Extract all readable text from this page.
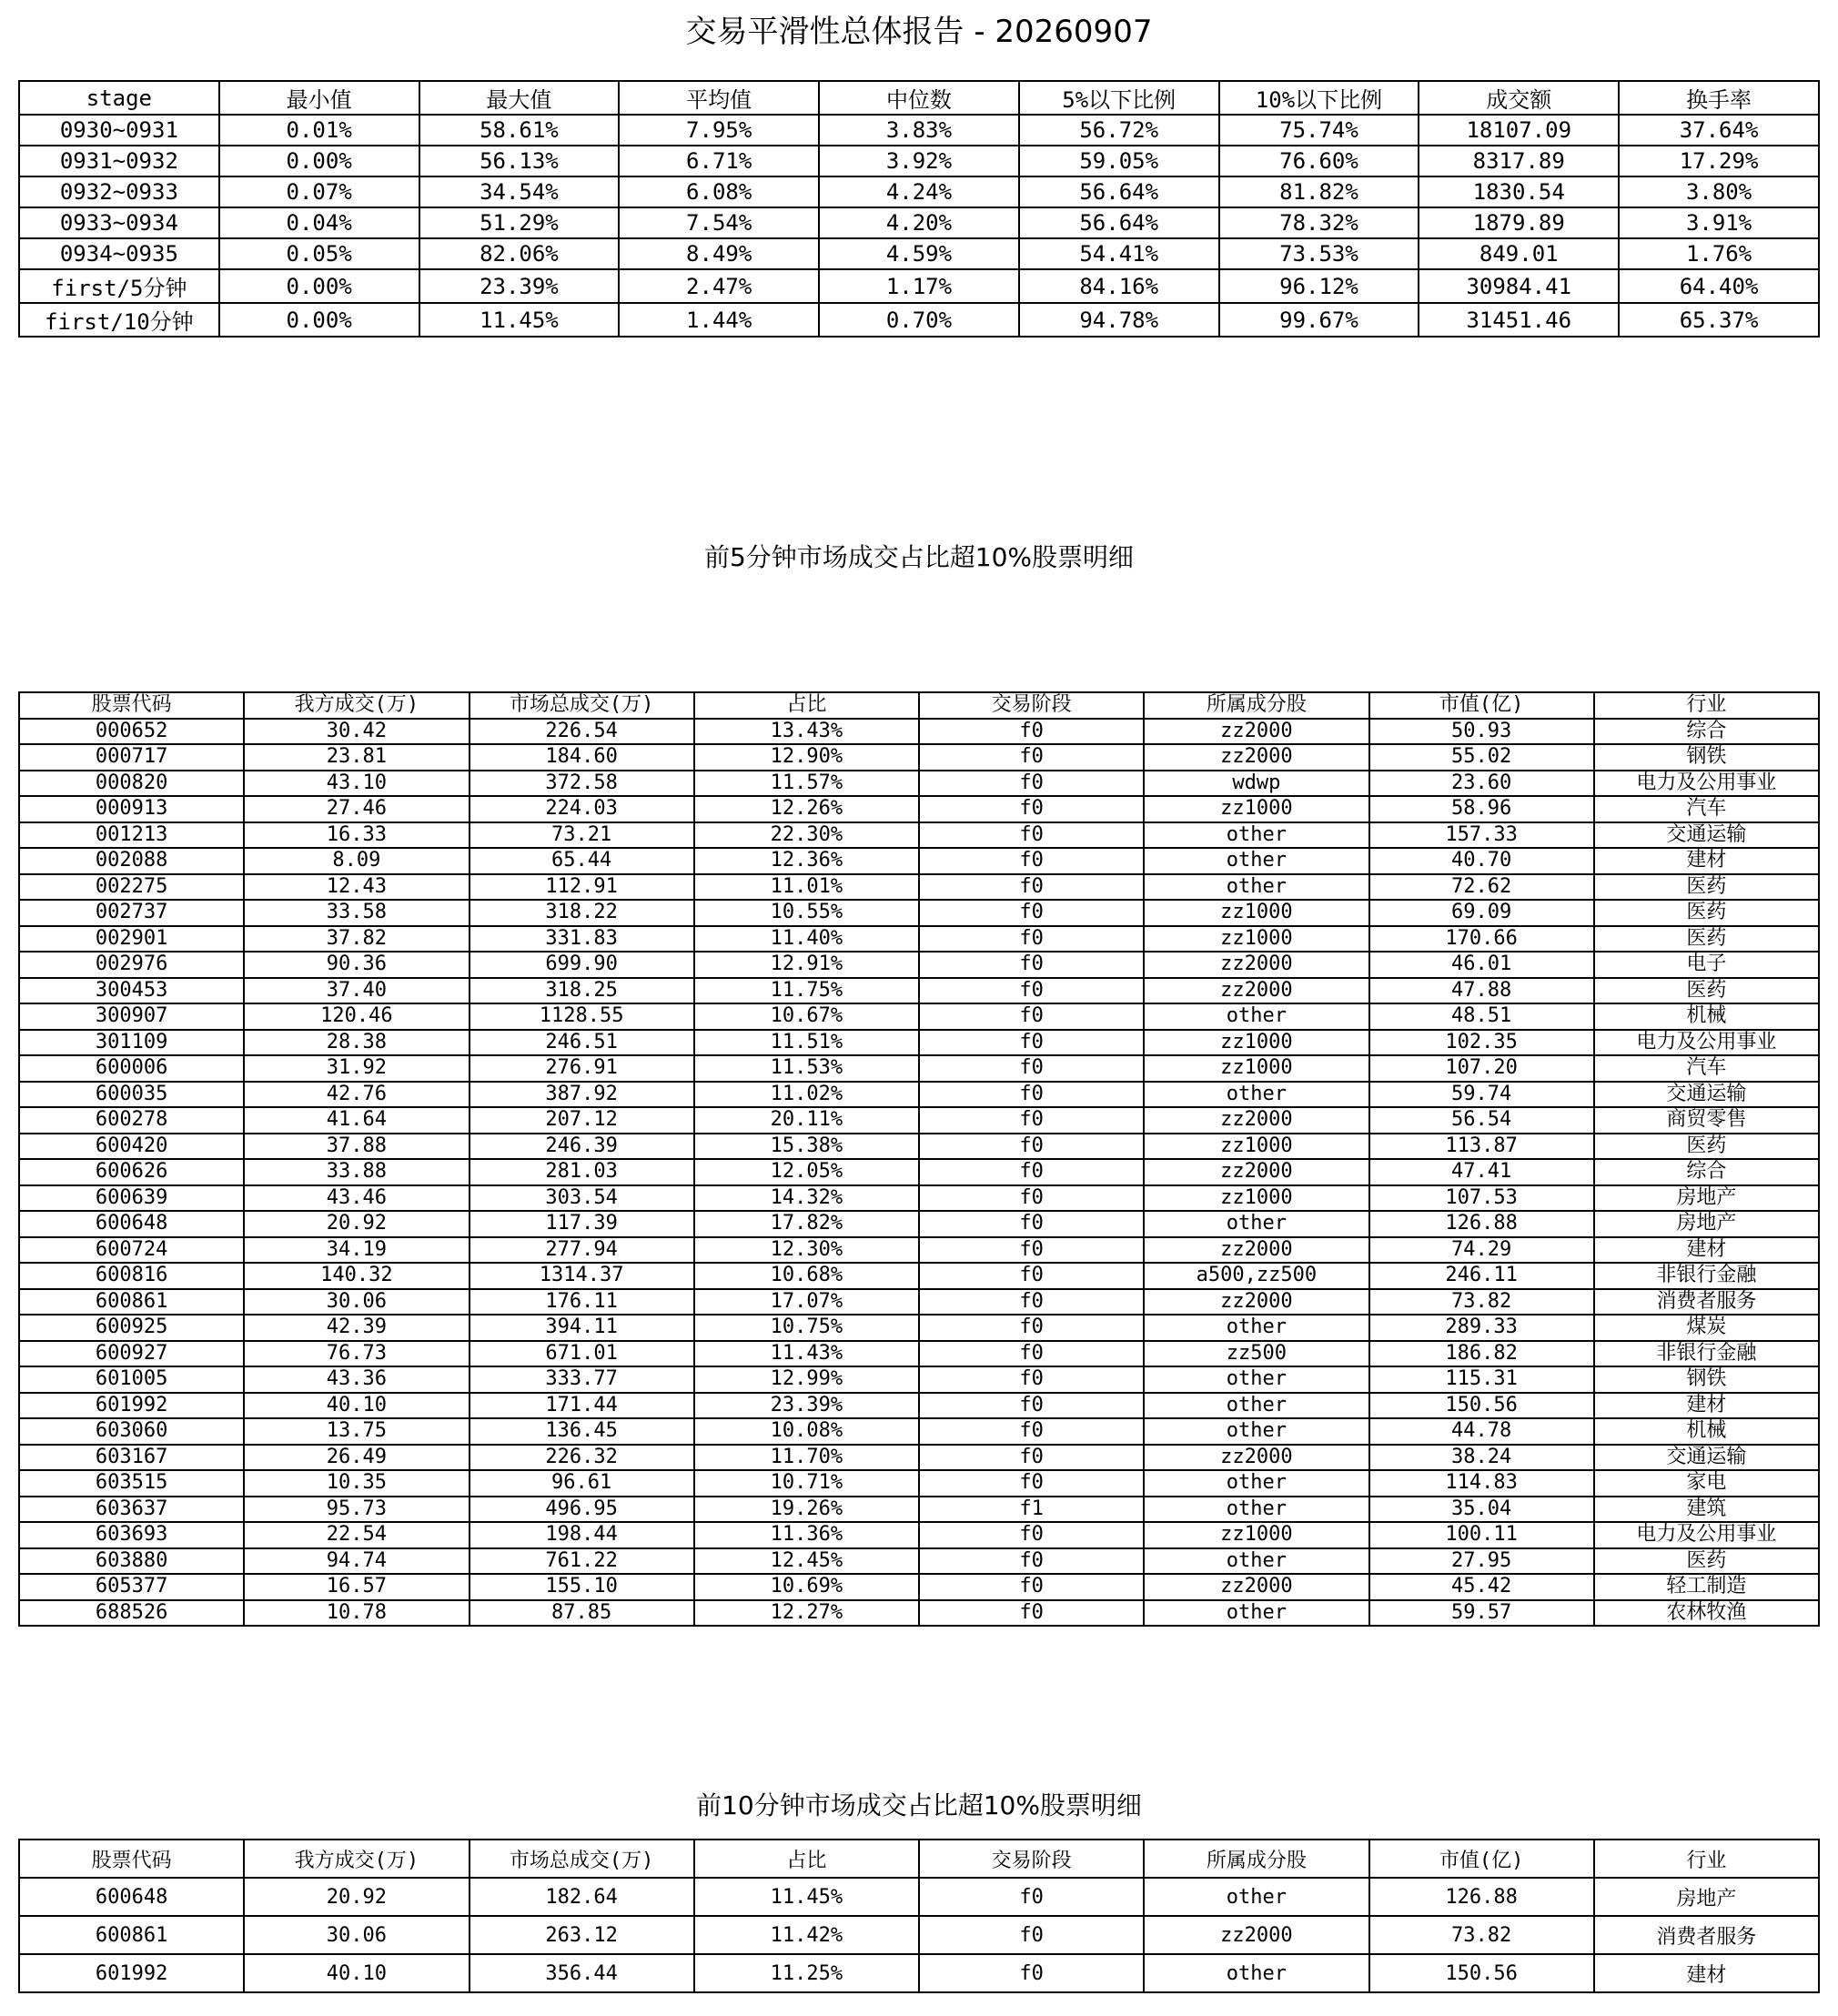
交易平滑性总体报告 - 20260907
stage	最小值	最大值	平均值	中位数	5%以下比例	10%以下比例	成交额	换手率
0930~0931	0.01%	58.61%	7.95%	3.83%	56.72%	75.74%	18107.09	37.64%
0931~0932	0.00%	56.13%	6.71%	3.92%	59.05%	76.60%	8317.89	17.29%
0932~0933	0.07%	34.54%	6.08%	4.24%	56.64%	81.82%	1830.54	3.80%
0933~0934	0.04%	51.29%	7.54%	4.20%	56.64%	78.32%	1879.89	3.91%
0934~0935	0.05%	82.06%	8.49%	4.59%	54.41%	73.53%	849.01	1.76%
first/5分钟	0.00%	23.39%	2.47%	1.17%	84.16%	96.12%	30984.41	64.40%
first/10分钟	0.00%	11.45%	1.44%	0.70%	94.78%	99.67%	31451.46	65.37%
前5分钟市场成交占比超10%股票明细
股票代码	我方成交(万)	市场总成交(万)	占比	交易阶段	所属成分股	市值(亿)	行业
000652	30.42	226.54	13.43%	f0	zz2000	50.93	综合
000717	23.81	184.60	12.90%	f0	zz2000	55.02	钢铁
000820	43.10	372.58	11.57%	f0	wdwp	23.60	电力及公用事业
000913	27.46	224.03	12.26%	f0	zz1000	58.96	汽车
001213	16.33	73.21	22.30%	f0	other	157.33	交通运输
002088	8.09	65.44	12.36%	f0	other	40.70	建材
002275	12.43	112.91	11.01%	f0	other	72.62	医药
002737	33.58	318.22	10.55%	f0	zz1000	69.09	医药
002901	37.82	331.83	11.40%	f0	zz1000	170.66	医药
002976	90.36	699.90	12.91%	f0	zz2000	46.01	电子
300453	37.40	318.25	11.75%	f0	zz2000	47.88	医药
300907	120.46	1128.55	10.67%	f0	other	48.51	机械
301109	28.38	246.51	11.51%	f0	zz1000	102.35	电力及公用事业
600006	31.92	276.91	11.53%	f0	zz1000	107.20	汽车
600035	42.76	387.92	11.02%	f0	other	59.74	交通运输
600278	41.64	207.12	20.11%	f0	zz2000	56.54	商贸零售
600420	37.88	246.39	15.38%	f0	zz1000	113.87	医药
600626	33.88	281.03	12.05%	f0	zz2000	47.41	综合
600639	43.46	303.54	14.32%	f0	zz1000	107.53	房地产
600648	20.92	117.39	17.82%	f0	other	126.88	房地产
600724	34.19	277.94	12.30%	f0	zz2000	74.29	建材
600816	140.32	1314.37	10.68%	f0	a500,zz500	246.11	非银行金融
600861	30.06	176.11	17.07%	f0	zz2000	73.82	消费者服务
600925	42.39	394.11	10.75%	f0	other	289.33	煤炭
600927	76.73	671.01	11.43%	f0	zz500	186.82	非银行金融
601005	43.36	333.77	12.99%	f0	other	115.31	钢铁
601992	40.10	171.44	23.39%	f0	other	150.56	建材
603060	13.75	136.45	10.08%	f0	other	44.78	机械
603167	26.49	226.32	11.70%	f0	zz2000	38.24	交通运输
603515	10.35	96.61	10.71%	f0	other	114.83	家电
603637	95.73	496.95	19.26%	f1	other	35.04	建筑
603693	22.54	198.44	11.36%	f0	zz1000	100.11	电力及公用事业
603880	94.74	761.22	12.45%	f0	other	27.95	医药
605377	16.57	155.10	10.69%	f0	zz2000	45.42	轻工制造
688526	10.78	87.85	12.27%	f0	other	59.57	农林牧渔
前10分钟市场成交占比超10%股票明细
股票代码	我方成交(万)	市场总成交(万)	占比	交易阶段	所属成分股	市值(亿)	行业
600648	20.92	182.64	11.45%	f0	other	126.88	房地产
600861	30.06	263.12	11.42%	f0	zz2000	73.82	消费者服务
601992	40.10	356.44	11.25%	f0	other	150.56	建材
